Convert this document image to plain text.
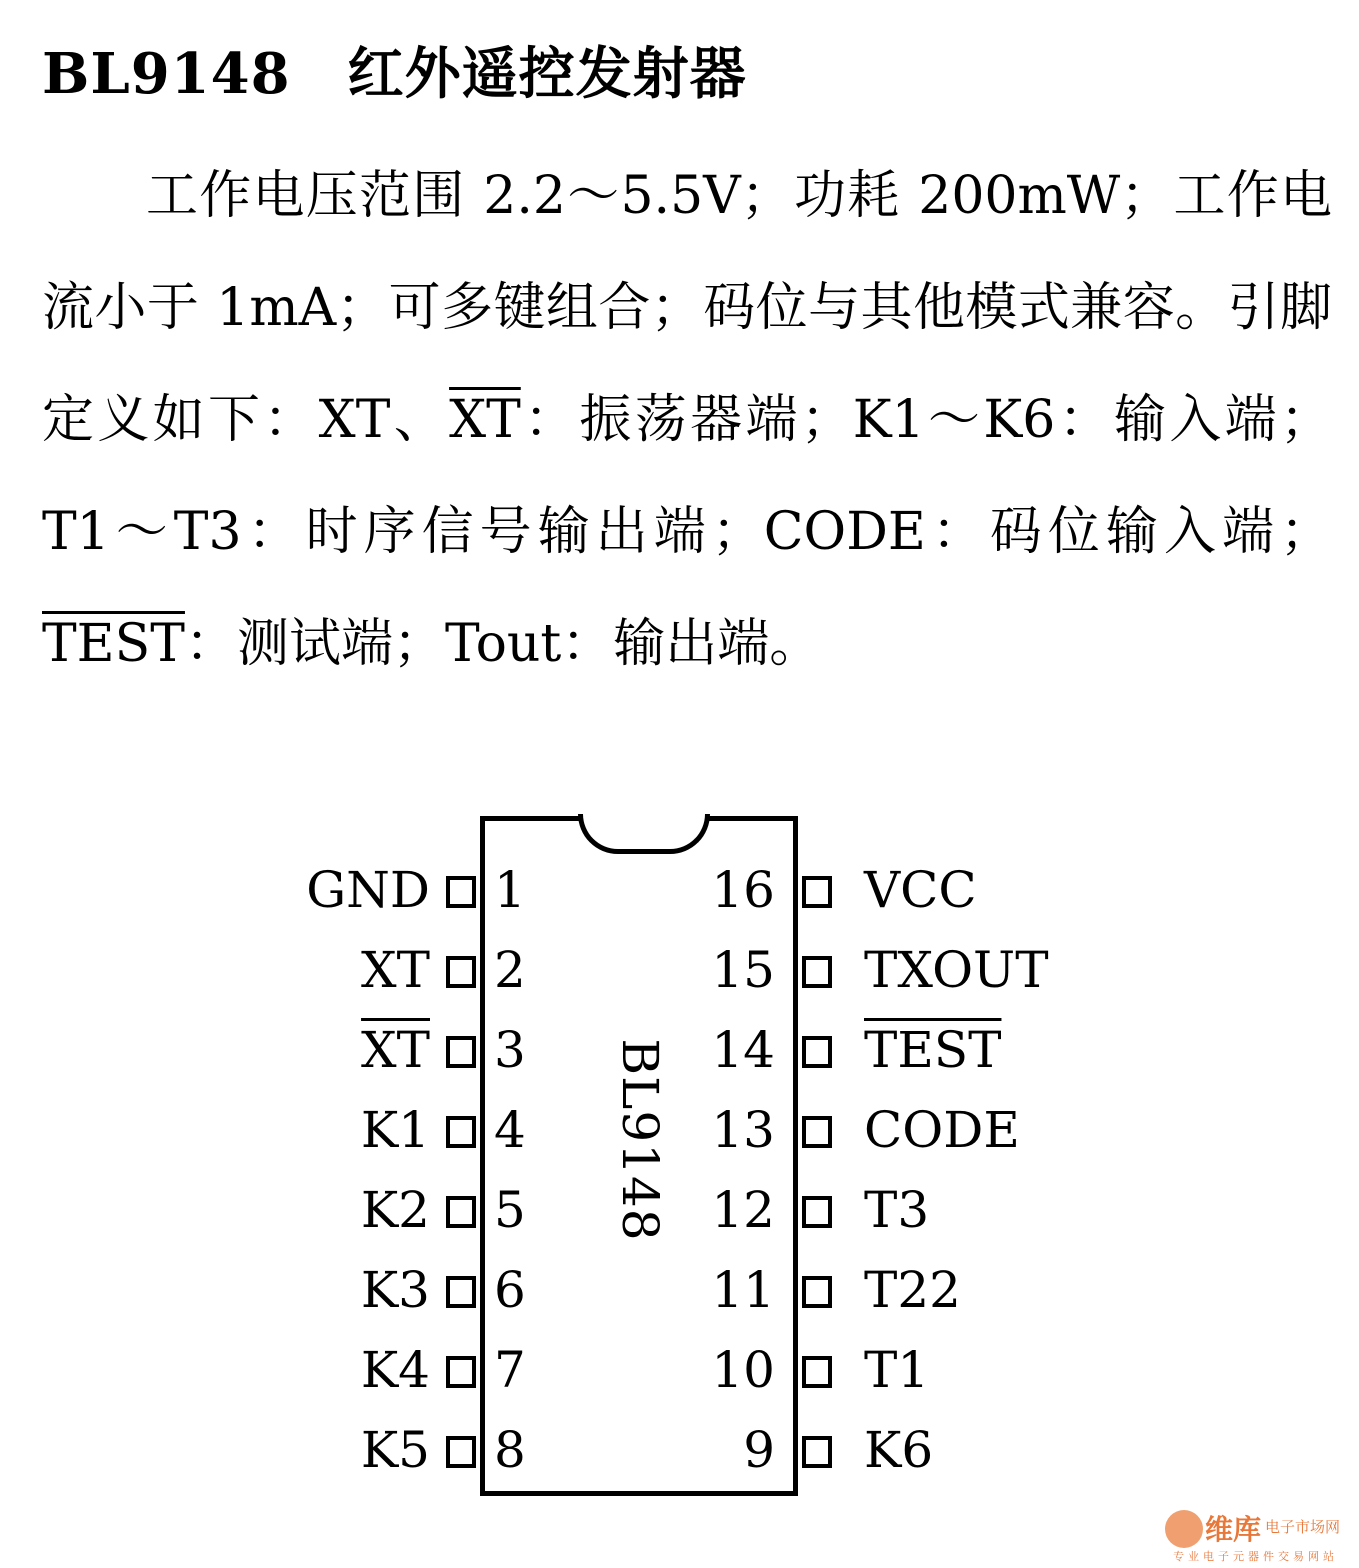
BL9148　红外遥控发射器

工作电压范围 2.2～5.5V；功耗 200mW；工作电流小于 1mA；可多键组合；码位与其他模式兼容。引脚定义如下：XT、$\overline{XT}$：振荡器端；K1～K6：输入端；T1～T3：时序信号输出端；CODE：码位输入端；TEST：测试端；Tout：输出端。

BL9148
GND 1
XT 2
$\overline{XT}$ 3
K1 4
K2 5
K3 6
K4 7
K5 8
VCC
16
TXOUT
15
TEST
14
CODE
13
T3
12
T22
11
T1
10
K6
9
维库 电子市场网
专业电子元器件交易网站
